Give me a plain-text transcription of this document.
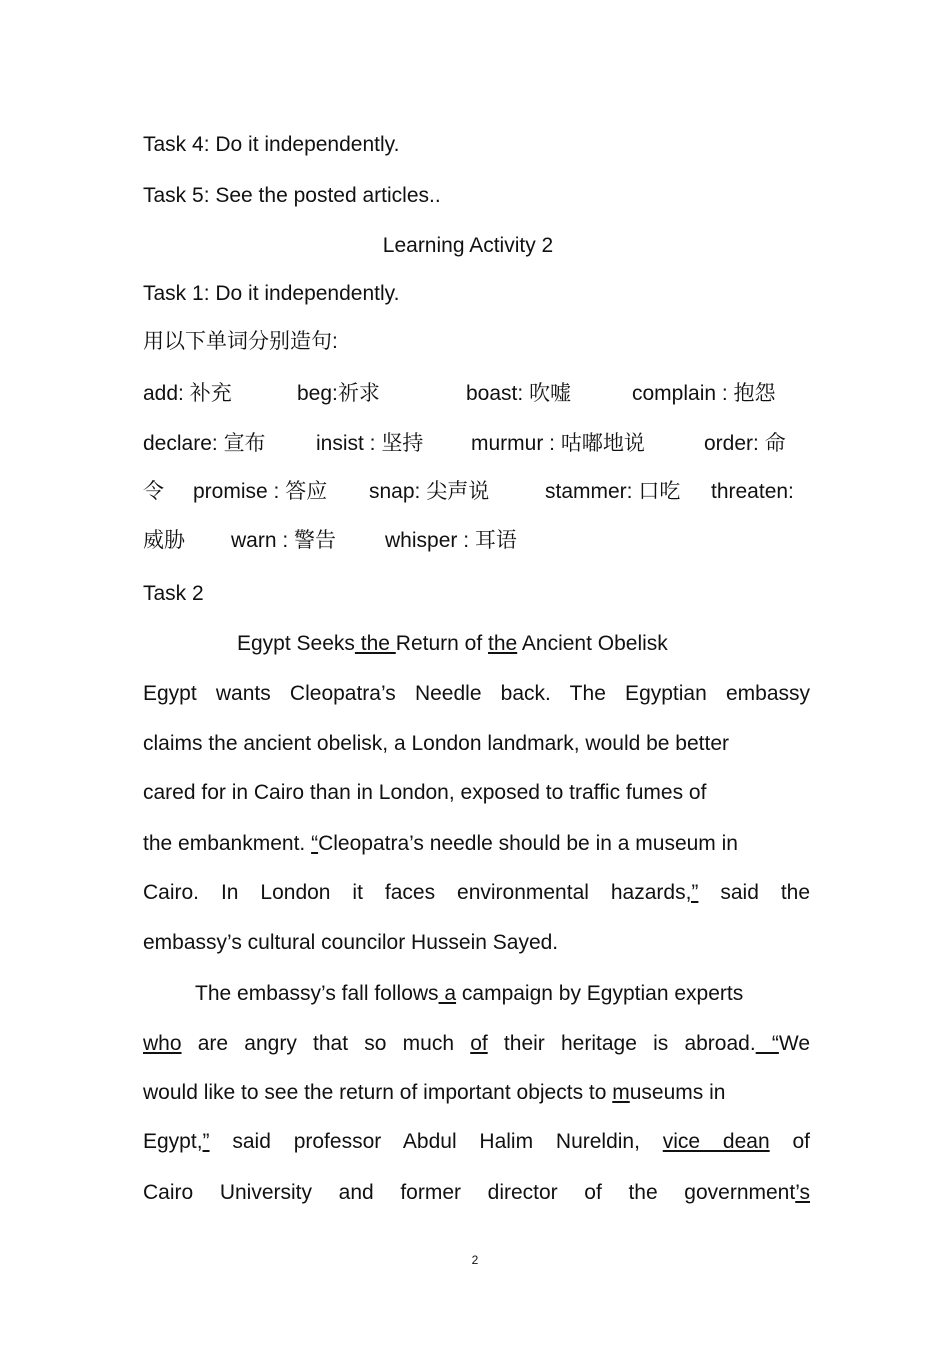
Task 4: Do it independently.
Task 5: See the posted articles..
Learning Activity 2
Task 1: Do it independently.
用以下单词分别造句:
add: 补充	beg:祈求	boast: 吹嘘	complain : 抱怨
declare: 宣布 insist : 坚持 murmur : 咕嘟地说	order: 命
令 promise : 答应 snap: 尖声说	stammer: 口吃 threaten:
威胁 warn : 警告 whisper : 耳语
Task 2
Egypt Seeks the Return of the Ancient Obelisk
Egypt wants Cleopatra’s Needle back. The Egyptian embassy
claims the ancient obelisk, a London landmark, would be better
cared for in Cairo than in London, exposed to traffic fumes of
the embankment. “Cleopatra’s needle should be in a museum in
Cairo. In London it faces environmental hazards,” said the
embassy’s cultural councilor Hussein Sayed.
The embassy’s fall follows a campaign by Egyptian experts
who are angry that so much of their heritage is abroad. “We
would like to see the return of important objects to museums in
Egypt,” said professor Abdul Halim Nureldin, vice dean of
Cairo University and former director of the government’s
2
